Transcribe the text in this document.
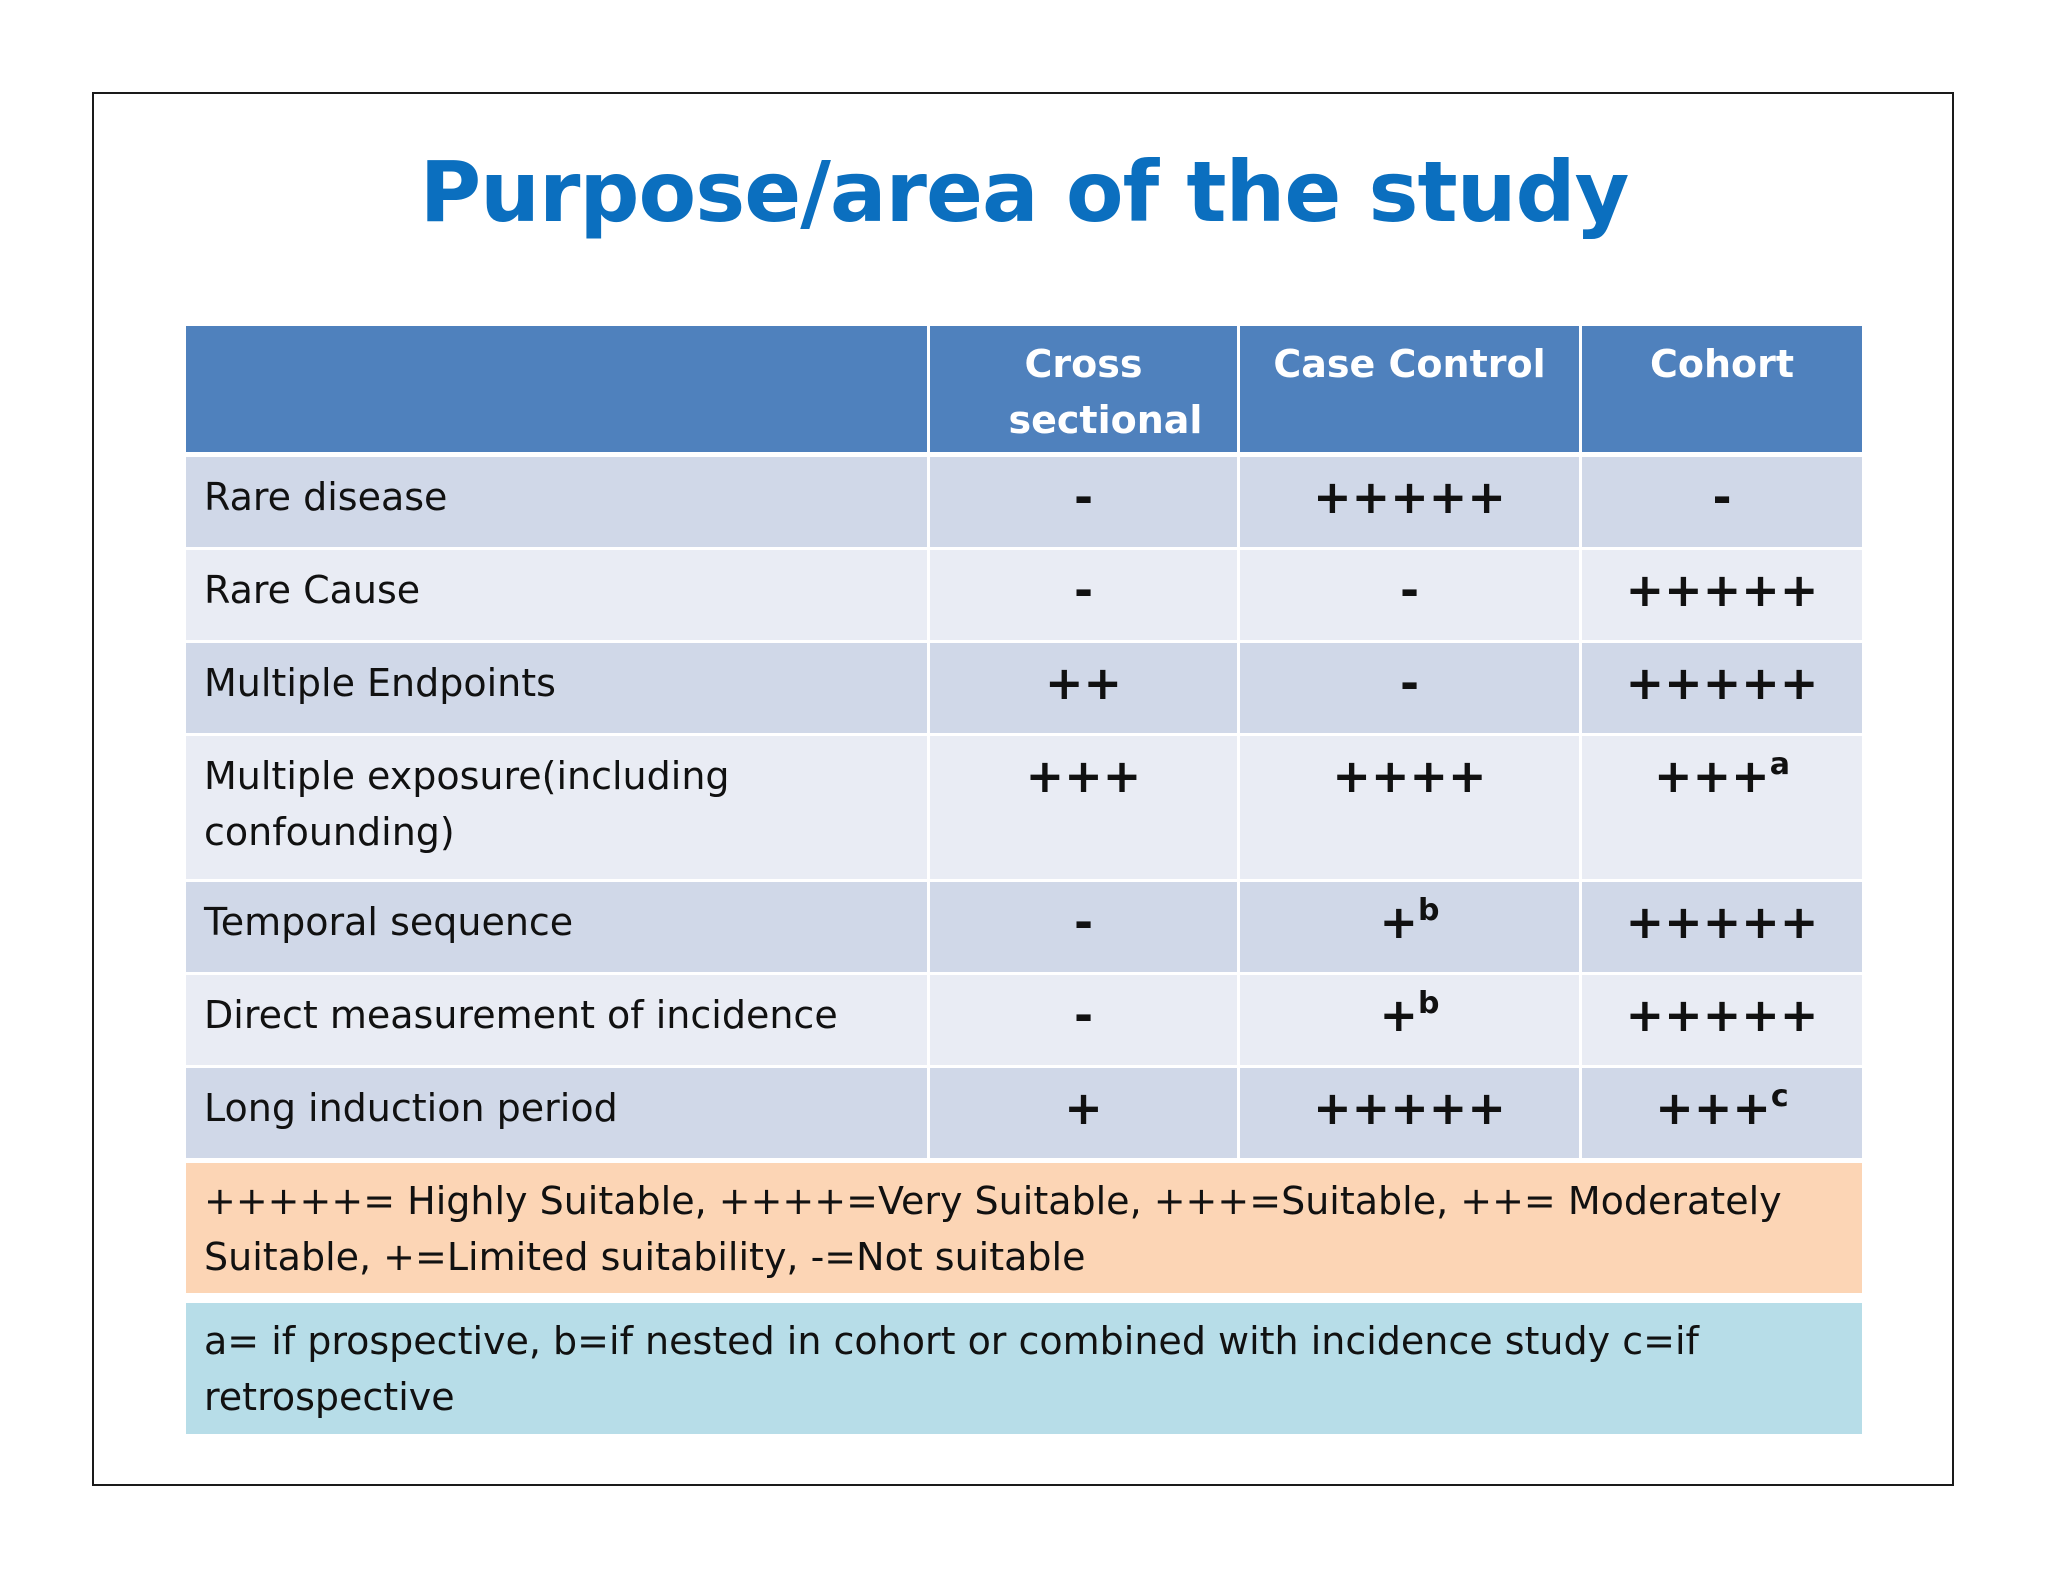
Purpose/area of the study

	Cross sectional	Case Control	Cohort
Rare disease	-	+++++	-
Rare Cause	-	-	+++++
Multiple Endpoints	++	-	+++++
Multiple exposure(including confounding)	+++	++++	+++$^a$
Temporal sequence	-	+$^b$	+++++
Direct measurement of incidence	-	+$^b$	+++++
Long induction period	+	+++++	+++$^c$
+++++= Highly Suitable, ++++=Very Suitable, +++=Suitable, ++= Moderately Suitable, +=Limited suitability, -=Not suitable
a= if prospective, b=if nested in cohort or combined with incidence study c=if retrospective
